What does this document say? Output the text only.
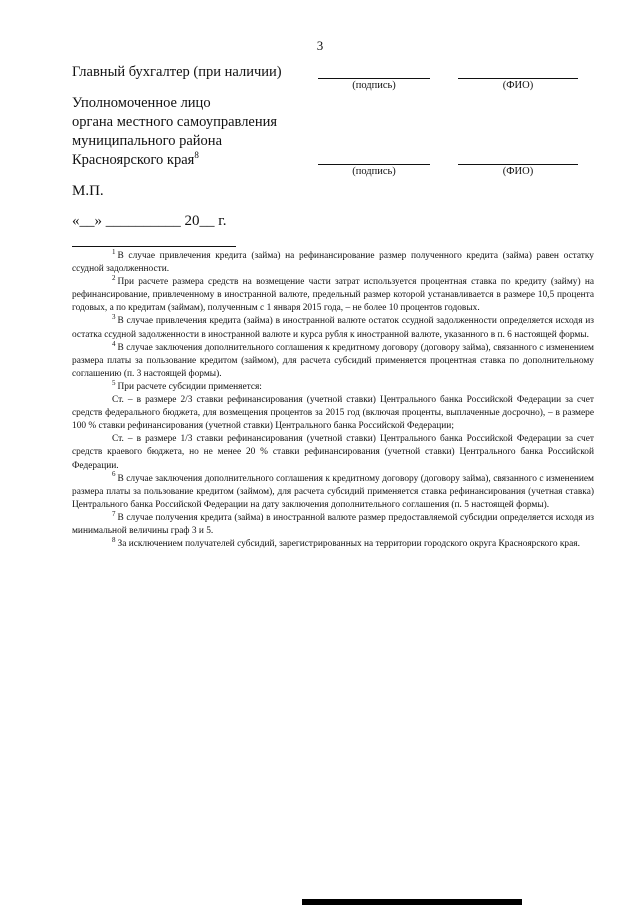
3
Главный бухгалтер (при наличии)
(подпись)	(ФИО)
Уполномоченное лицо
органа местного самоуправления
муниципального района
Красноярского края$^8$
(подпись)	(ФИО)
М.П.
«__» __________ 20__ г.

$^1$ В случае привлечения кредита (займа) на рефинансирование размер полученного кредита (займа) равен остатку ссудной задолженности.

$^2$ При расчете размера средств на возмещение части затрат используется процентная ставка по кредиту (займу) на рефинансирование, привлеченному в иностранной валюте, предельный размер которой устанавливается в размере 10,5 процента годовых, а по кредитам (займам), полученным с 1 января 2015 года, – не более 10 процентов годовых.

$^3$ В случае привлечения кредита (займа) в иностранной валюте остаток ссудной задолженности определяется исходя из остатка ссудной задолженности в иностранной валюте и курса рубля к иностранной валюте, указанного в п. 6 настоящей формы.

$^4$ В случае заключения дополнительного соглашения к кредитному договору (договору займа), связанного с изменением размера платы за пользование кредитом (займом), для расчета субсидий применяется процентная ставка по дополнительному соглашению (п. 3 настоящей формы).

$^5$ При расчете субсидии применяется:

Ст. – в размере 2/3 ставки рефинансирования (учетной ставки) Центрального банка Российской Федерации за счет средств федерального бюджета, для возмещения процентов за 2015 год (включая проценты, выплаченные досрочно), – в размере 100 % ставки рефинансирования (учетной ставки) Центрального банка Российской Федерации;

Ст. – в размере 1/3 ставки рефинансирования (учетной ставки) Центрального банка Российской Федерации за счет средств краевого бюджета, но не менее 20 % ставки рефинансирования (учетной ставки) Центрального банка Российской Федерации.

$^6$ В случае заключения дополнительного соглашения к кредитному договору (договору займа), связанного с изменением размера платы за пользование кредитом (займом), для расчета субсидий применяется ставка рефинансирования (учетная ставка) Центрального банка Российской Федерации на дату заключения дополнительного соглашения (п. 5 настоящей формы).

$^7$ В случае получения кредита (займа) в иностранной валюте размер предоставляемой субсидии определяется исходя из минимальной величины граф 3 и 5.

$^8$ За исключением получателей субсидий, зарегистрированных на территории городского округа Красноярского края.
